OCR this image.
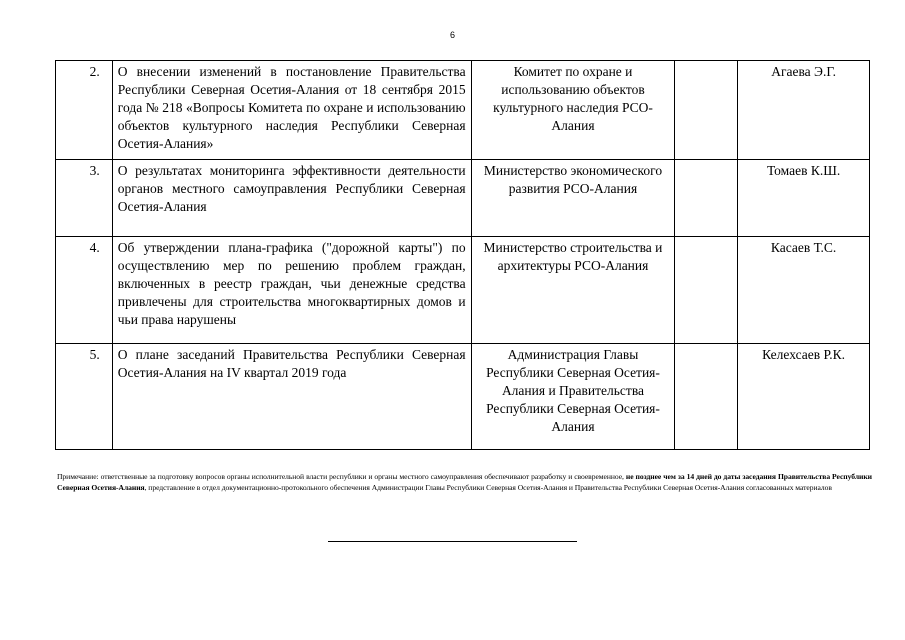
6
2.	О внесении изменений в постановление Правительства Республики Северная Осетия-Алания от 18 сентября 2015 года № 218 «Вопросы Комитета по охране и использованию объектов культурного наследия Республики Северная Осетия-Алания»	Комитет по охране и использованию объектов культурного наследия РСО-Алания		Агаева Э.Г.
3.	О результатах мониторинга эффективности деятельности органов местного самоуправления Республики Северная Осетия-Алания	Министерство экономического развития РСО-Алания		Томаев К.Ш.
4.	Об утверждении плана-графика ("дорожной карты") по осуществлению мер по решению проблем граждан, включенных в реестр граждан, чьи денежные средства привлечены для строительства многоквартирных домов и чьи права нарушены	Министерство строительства и архитектуры РСО-Алания		Касаев Т.С.
5.	О плане заседаний Правительства Республики Северная Осетия-Алания на IV квартал 2019 года	Администрация Главы Республики Северная Осетия-Алания и Правительства Республики Северная Осетия-Алания		Келехсаев Р.К.
Примечание: ответственные за подготовку вопросов органы исполнительной власти республики и органы местного самоуправления обеспечивают разработку и своевременное, не позднее чем за 14 дней до даты заседания Правительства Республики Северная Осетия-Алания, представление в отдел документационно-протокольного обеспечения Администрации Главы Республики Северная Осетия-Алания и Правительства Республики Северная Осетия-Алания согласованных материалов
